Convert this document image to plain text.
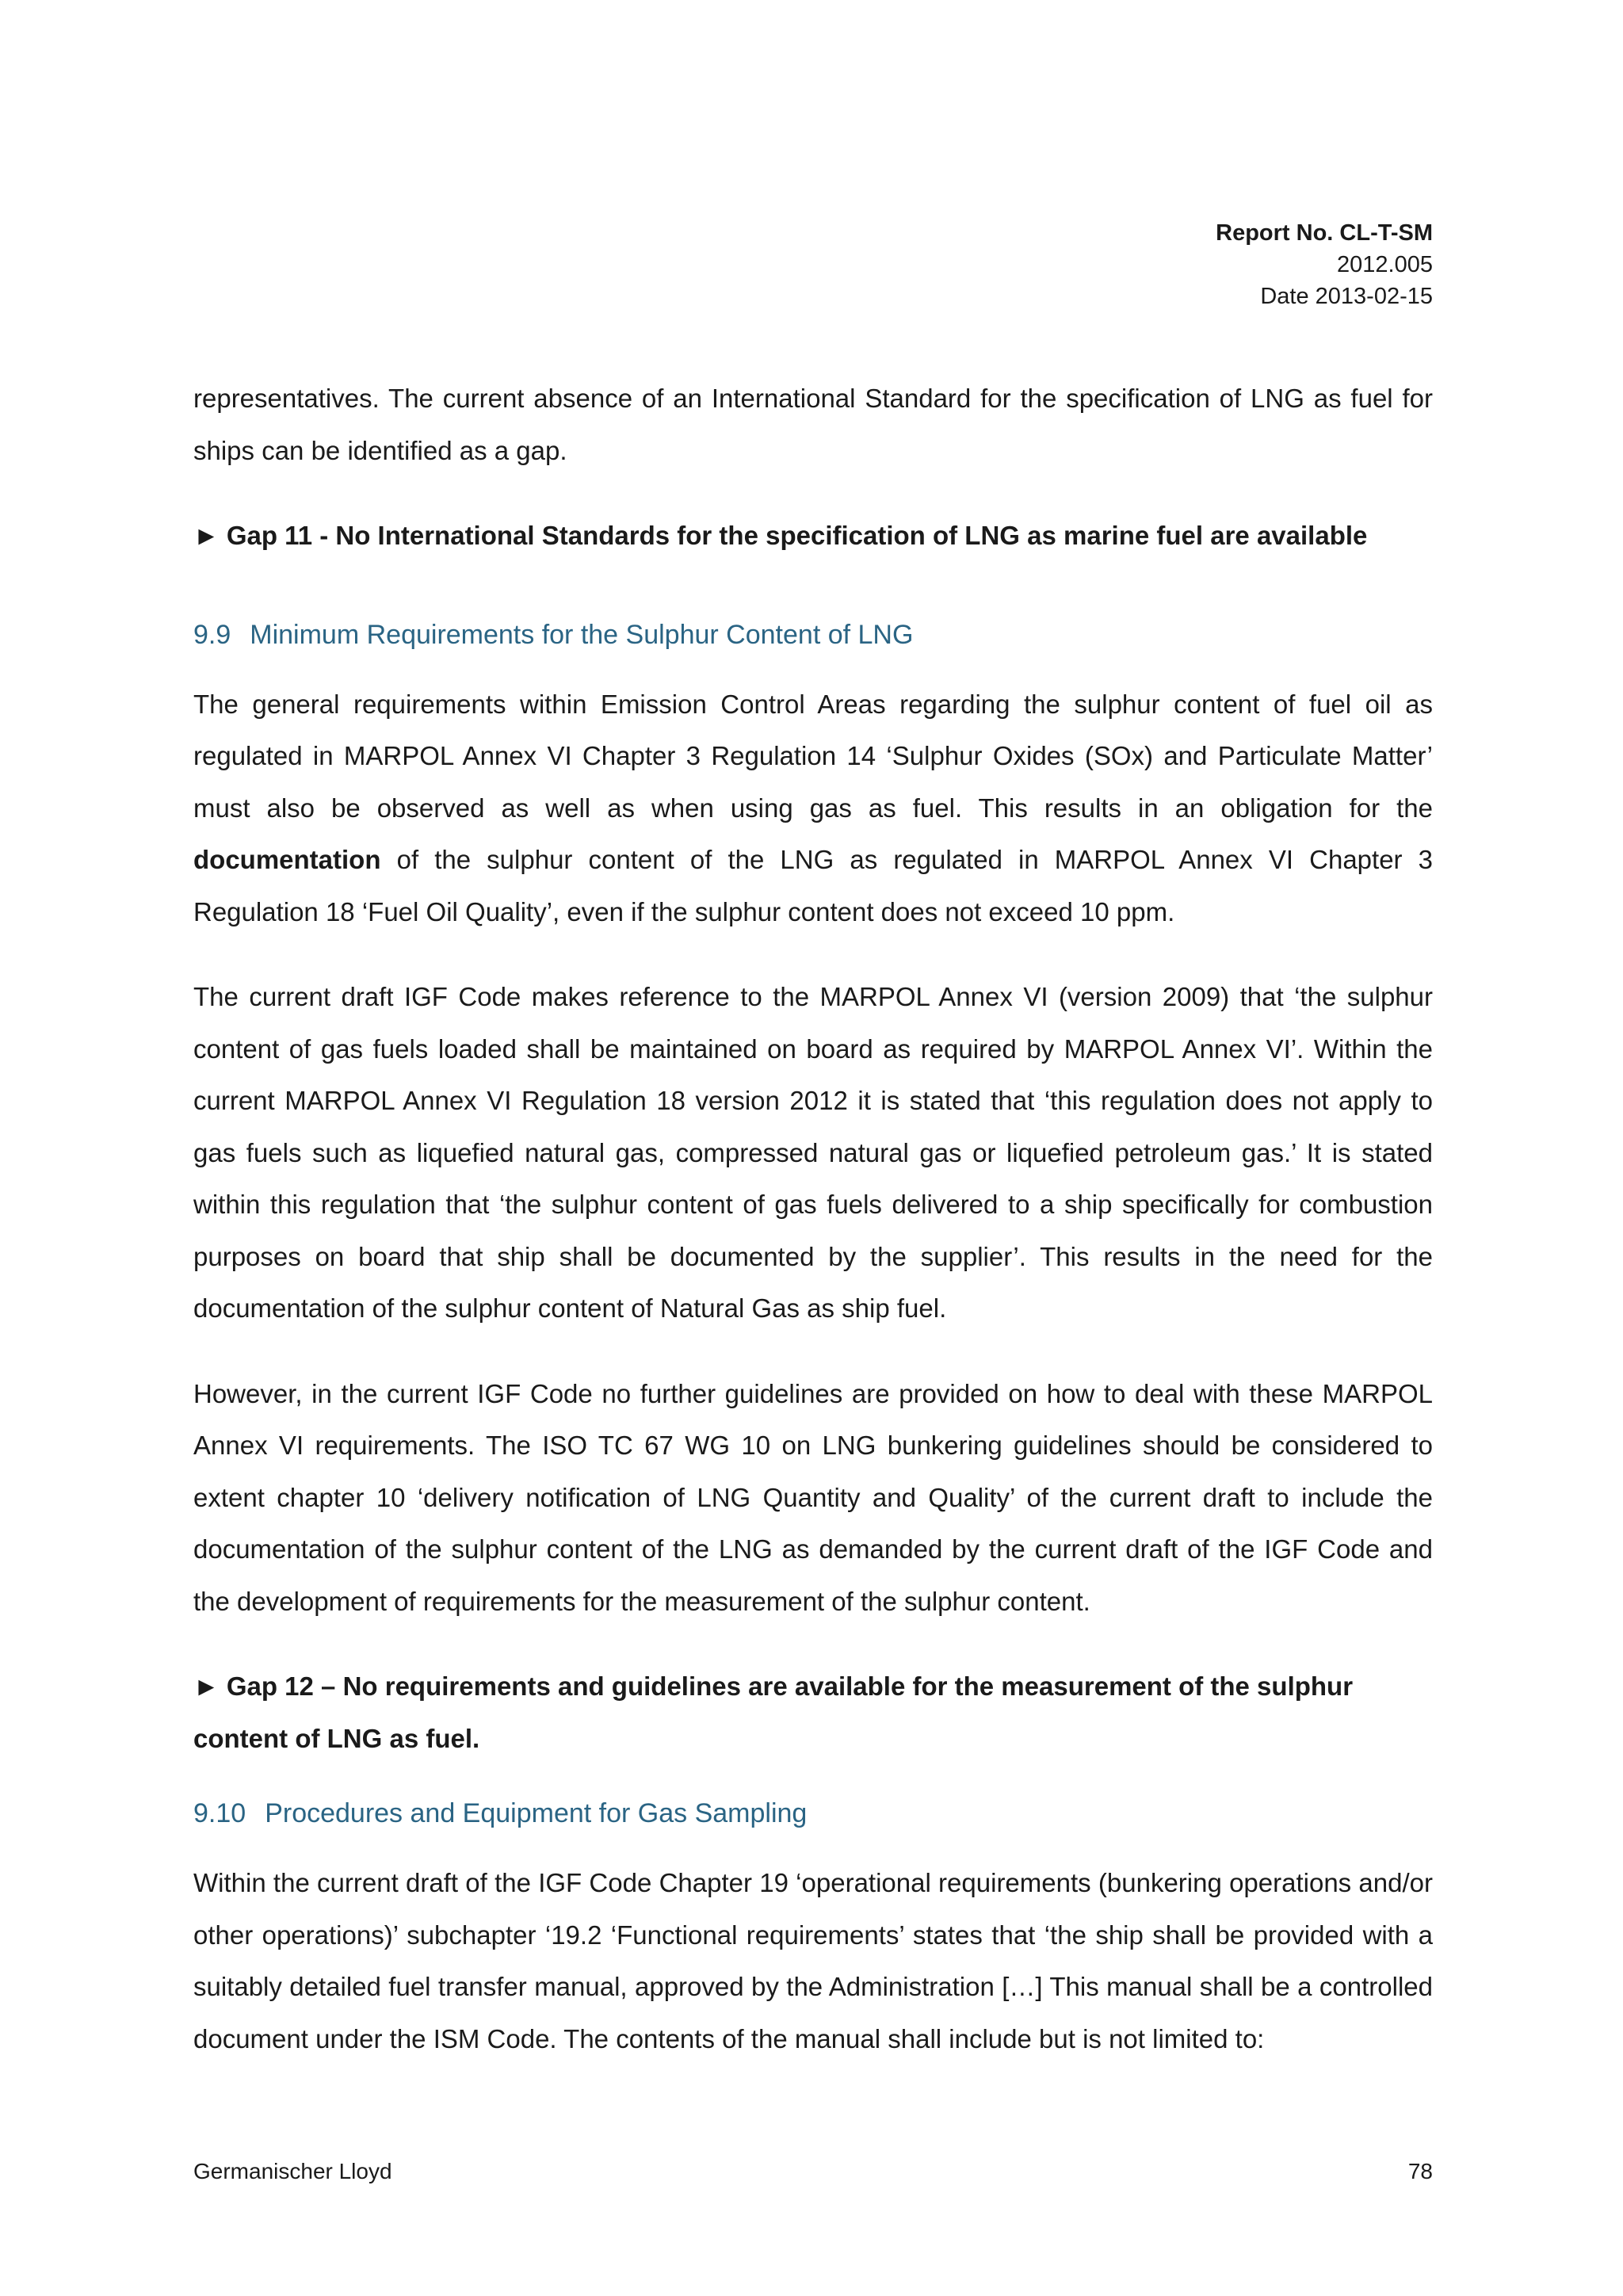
Report No. CL-T-SM
2012.005
Date 2013-02-15

representatives. The current absence of an International Standard for the specification of LNG as fuel for ships can be identified as a gap.

► Gap 11 - No International Standards for the specification of LNG as marine fuel are available

9.9 Minimum Requirements for the Sulphur Content of LNG

The general requirements within Emission Control Areas regarding the sulphur content of fuel oil as regulated in MARPOL Annex VI Chapter 3 Regulation 14 ‘Sulphur Oxides (SOx) and Particulate Matter’ must also be observed as well as when using gas as fuel. This results in an obligation for the documentation of the sulphur content of the LNG as regulated in MARPOL Annex VI Chapter 3 Regulation 18 ‘Fuel Oil Quality’, even if the sulphur content does not exceed 10 ppm.

The current draft IGF Code makes reference to the MARPOL Annex VI (version 2009) that ‘the sulphur content of gas fuels loaded shall be maintained on board as required by MARPOL Annex VI’. Within the current MARPOL Annex VI Regulation 18 version 2012 it is stated that ‘this regulation does not apply to gas fuels such as liquefied natural gas, compressed natural gas or liquefied petroleum gas.’ It is stated within this regulation that ‘the sulphur content of gas fuels delivered to a ship specifically for combustion purposes on board that ship shall be documented by the supplier’. This results in the need for the documentation of the sulphur content of Natural Gas as ship fuel.

However, in the current IGF Code no further guidelines are provided on how to deal with these MARPOL Annex VI requirements. The ISO TC 67 WG 10 on LNG bunkering guidelines should be considered to extent chapter 10 ‘delivery notification of LNG Quantity and Quality’ of the current draft to include the documentation of the sulphur content of the LNG as demanded by the current draft of the IGF Code and the development of requirements for the measurement of the sulphur content.

► Gap 12 – No requirements and guidelines are available for the measurement of the sulphur content of LNG as fuel.

9.10 Procedures and Equipment for Gas Sampling

Within the current draft of the IGF Code Chapter 19 ‘operational requirements (bunkering operations and/or other operations)’ subchapter ‘19.2 ‘Functional requirements’ states that ‘the ship shall be provided with a suitably detailed fuel transfer manual, approved by the Administration […] This manual shall be a controlled document under the ISM Code. The contents of the manual shall include but is not limited to:

Germanischer Lloyd	78
